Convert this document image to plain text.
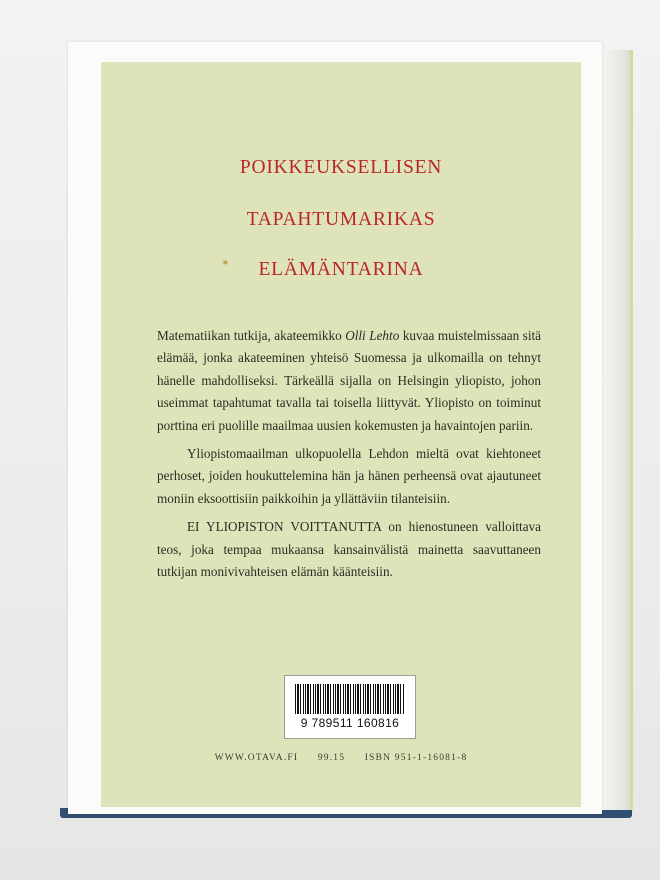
POIKKEUKSELLISEN
TAPAHTUMARIKAS
✶	ELÄMÄNTARINA

Matematiikan tutkija, akateemikko Olli Lehto kuvaa muistelmissaan sitä elämää, jonka akateeminen yhteisö Suomessa ja ulkomailla on tehnyt hänelle mahdolliseksi. Tärkeällä sijalla on Helsingin yliopisto, johon useimmat tapahtumat tavalla tai toisella liittyvät. Yliopisto on toiminut porttina eri puolille maailmaa uusien kokemusten ja havaintojen pariin.

Yliopistomaailman ulkopuolella Lehdon mieltä ovat kiehtoneet perhoset, joiden houkuttelemina hän ja hänen perheensä ovat ajautuneet moniin eksoottisiin paikkoihin ja yllättäviin tilanteisiin.

EI YLIOPISTON VOITTANUTTA on hienostuneen valloittava teos, joka tempaa mukaansa kansainvälistä mainetta saavuttaneen tutkijan monivivahteisen elämän käänteisiin.

9 789511 160816
WWW.OTAVA.FI 99.15 ISBN 951-1-16081-8
